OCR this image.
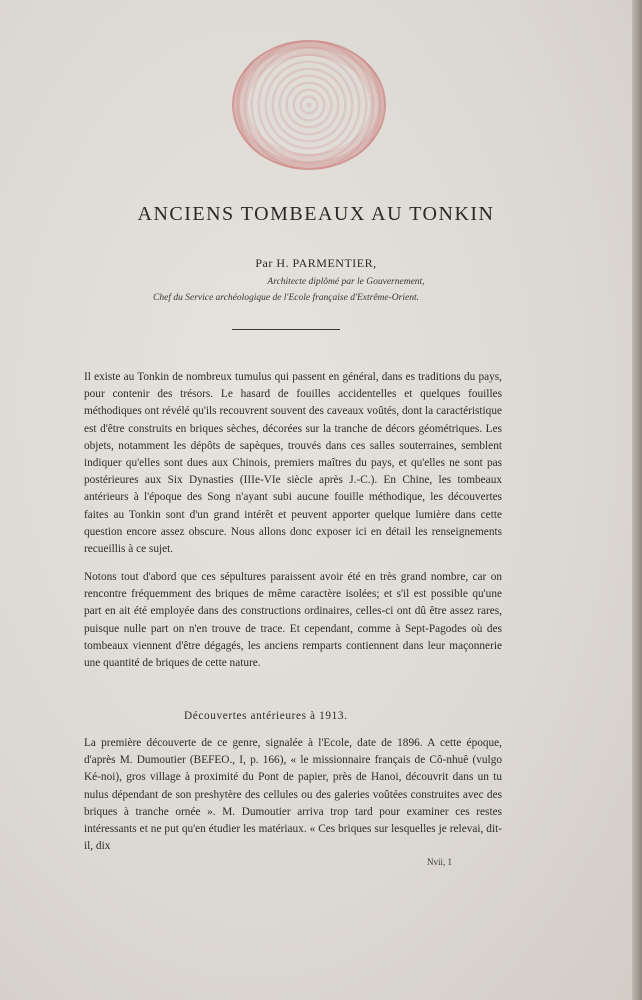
ANCIENS TOMBEAUX AU TONKIN
Par H. PARMENTIER,
Architecte diplômé par le Gouvernement,
Chef du Service archéologique de l'Ecole française d'Extrême-Orient.
Il existe au Tonkin de nombreux tumulus qui passent en général, dans es traditions du pays, pour contenir des trésors. Le hasard de fouilles accidentelles et quelques fouilles méthodiques ont révélé qu'ils recouvrent souvent des caveaux voûtés, dont la caractéristique est d'être construits en briques sèches, décorées sur la tranche de décors géométriques. Les objets, notamment les dépôts de sapèques, trouvés dans ces salles souterraines, semblent indiquer qu'elles sont dues aux Chinois, premiers maîtres du pays, et qu'elles ne sont pas postérieures aux Six Dynasties (IIIe-VIe siècle après J.-C.). En Chine, les tombeaux antérieurs à l'époque des Song n'ayant subi aucune fouille méthodique, les découvertes faites au Tonkin sont d'un grand intérêt et peuvent apporter quelque lumière dans cette question encore assez obscure. Nous allons donc exposer ici en détail les renseignements recueillis à ce sujet.
Notons tout d'abord que ces sépultures paraissent avoir été en très grand nombre, car on rencontre fréquemment des briques de même caractère isolées; et s'il est possible qu'une part en ait été employée dans des constructions ordinaires, celles-ci ont dû être assez rares, puisque nulle part on n'en trouve de trace. Et cependant, comme à Sept-Pagodes où des tombeaux viennent d'être dégagés, les anciens remparts contiennent dans leur maçonnerie une quantité de briques de cette nature.
Découvertes antérieures à 1913.
La première découverte de ce genre, signalée à l'Ecole, date de 1896. A cette époque, d'après M. Dumoutier (BEFEO., I, p. 166), « le missionnaire français de Cô-nhuê (vulgo Ké-noi), gros village à proximité du Pont de papier, près de Hanoi, découvrit dans un tu nulus dépendant de son preshytère des cellules ou des galeries voûtées construites avec des briques à tranche ornée ». M. Dumoutier arriva trop tard pour examiner ces restes intéressants et ne put qu'en étudier les matériaux. « Ces briques sur lesquelles je relevai, dit-il, dix
Nvii, 1
